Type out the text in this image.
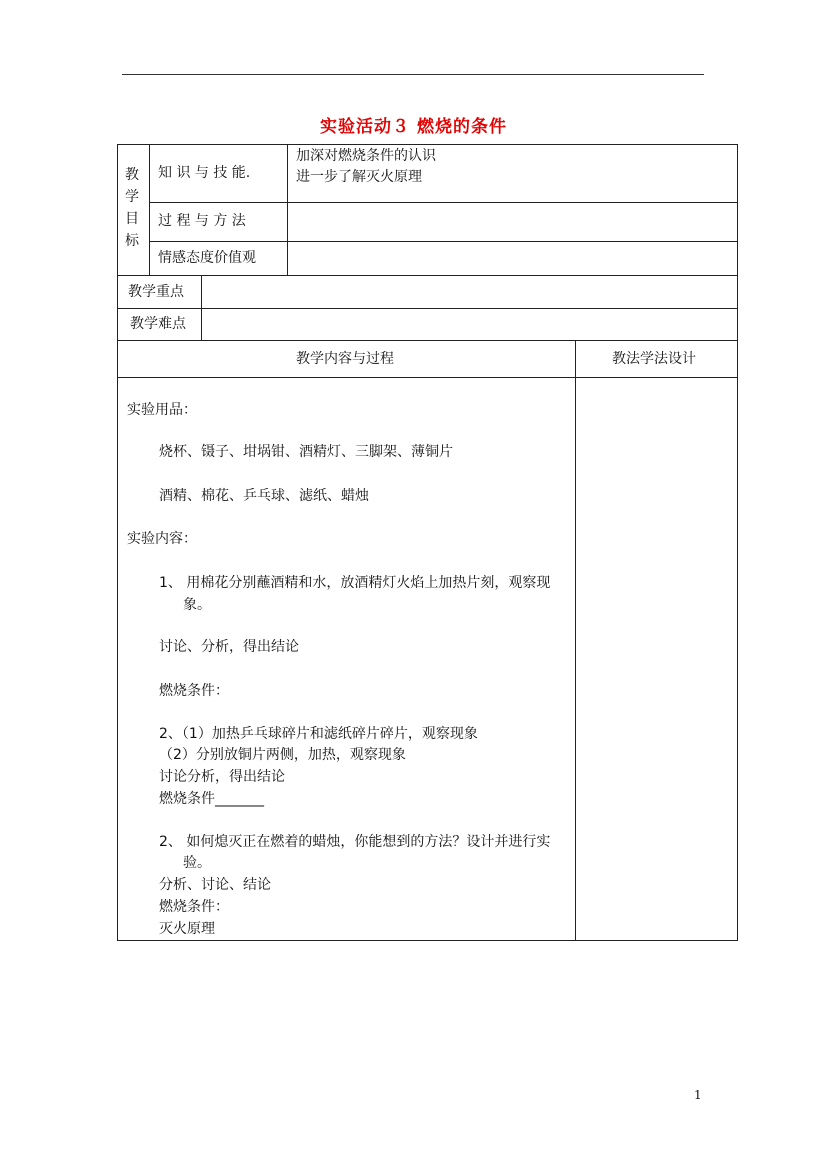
实验活动３ 燃烧的条件
教
学
目
标
知 识 与 技 能.
加深对燃烧条件的认识
进一步了解灭火原理
过 程 与 方 法
情感态度价值观
教学重点
教学难点
教学内容与过程	教法学法设计
实验用品：
烧杯、镊子、坩埚钳、酒精灯、三脚架、薄铜片
酒精、棉花、乒乓球、滤纸、蜡烛
实验内容：
1、 用棉花分别蘸酒精和水，放酒精灯火焰上加热片刻，观察现
象。
讨论、分析，得出结论
燃烧条件：
2、（1）加热乒乓球碎片和滤纸碎片碎片，观察现象
（2）分别放铜片两侧，加热，观察现象
讨论分析，得出结论
燃烧条件_______
2、 如何熄灭正在燃着的蜡烛，你能想到的方法？设计并进行实
验。
分析、讨论、结论
燃烧条件：
灭火原理
1
